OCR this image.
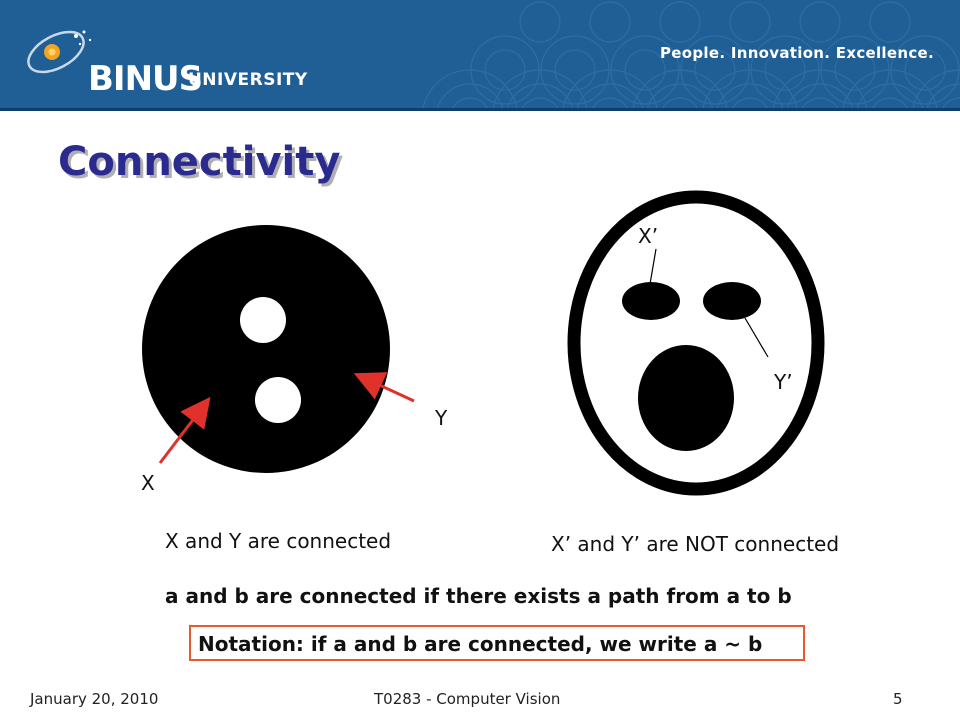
BINUS
UNIVERSITY
People. Innovation. Excellence.
Connectivity
X
Y
X’
Y’
X and Y are connected	X’ and Y’ are NOT connected
a and b are connected if there exists a path from a to b
Notation: if a and b are connected, we write a ~ b
January 20, 2010	T0283 - Computer Vision	5
